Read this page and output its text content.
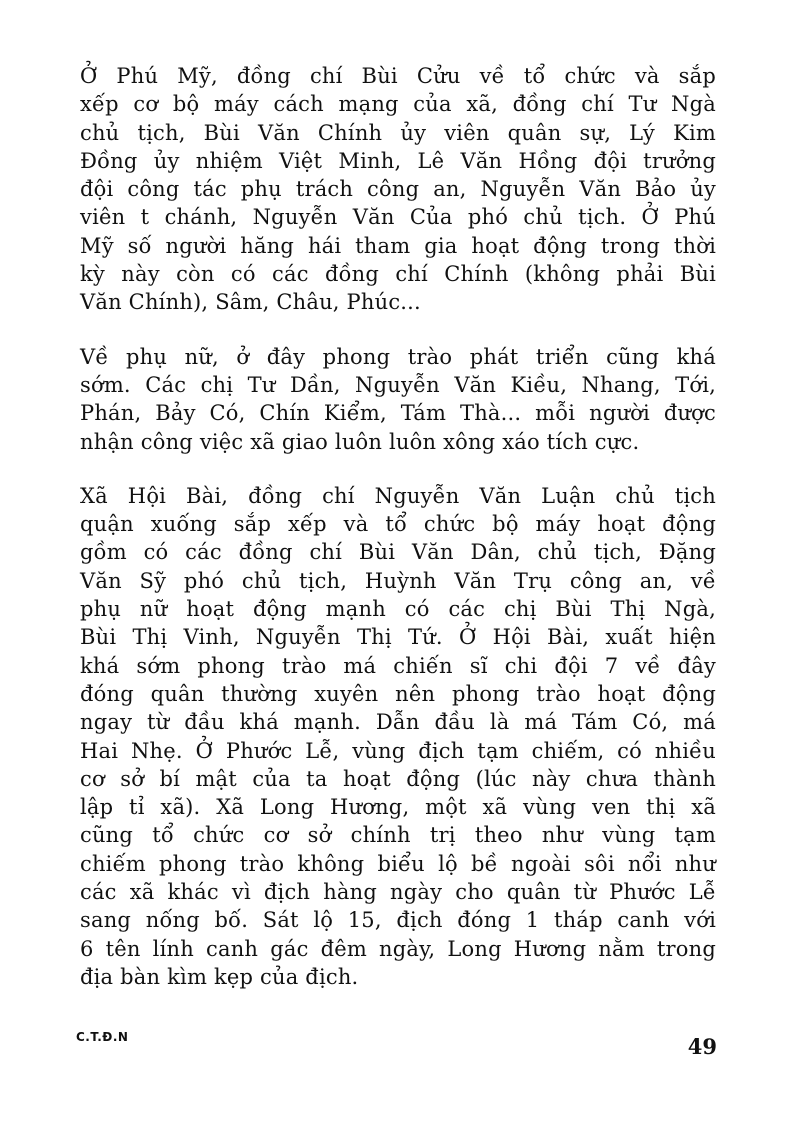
Ở Phú Mỹ, đồng chí Bùi Cửu về tổ chức và sắp
xếp cơ bộ máy cách mạng của xã, đồng chí Tư Ngà
chủ tịch, Bùi Văn Chính ủy viên quân sự, Lý Kim
Đồng ủy nhiệm Việt Minh, Lê Văn Hồng đội trưởng
đội công tác phụ trách công an, Nguyễn Văn Bảo ủy
viên t chánh, Nguyễn Văn Của phó chủ tịch. Ở Phú
Mỹ số người hăng hái tham gia hoạt động trong thời
kỳ này còn có các đồng chí Chính (không phải Bùi
Văn Chính), Sâm, Châu, Phúc...
Về phụ nữ, ở đây phong trào phát triển cũng khá
sớm. Các chị Tư Dần, Nguyễn Văn Kiều, Nhang, Tới,
Phán, Bảy Có, Chín Kiểm, Tám Thà... mỗi người được
nhận công việc xã giao luôn luôn xông xáo tích cực.
Xã Hội Bài, đồng chí Nguyễn Văn Luận chủ tịch
quận xuống sắp xếp và tổ chức bộ máy hoạt động
gồm có các đồng chí Bùi Văn Dân, chủ tịch, Đặng
Văn Sỹ phó chủ tịch, Huỳnh Văn Trụ công an, về
phụ nữ hoạt động mạnh có các chị Bùi Thị Ngà,
Bùi Thị Vinh, Nguyễn Thị Tứ. Ở Hội Bài, xuất hiện
khá sớm phong trào má chiến sĩ chi đội 7 về đây
đóng quân thường xuyên nên phong trào hoạt động
ngay từ đầu khá mạnh. Dẫn đầu là má Tám Có, má
Hai Nhẹ. Ở Phước Lễ, vùng địch tạm chiếm, có nhiều
cơ sở bí mật của ta hoạt động (lúc này chưa thành
lập tỉ xã). Xã Long Hương, một xã vùng ven thị xã
cũng tổ chức cơ sở chính trị theo như vùng tạm
chiếm phong trào không biểu lộ bề ngoài sôi nổi như
các xã khác vì địch hàng ngày cho quân từ Phước Lễ
sang nống bố. Sát lộ 15, địch đóng 1 tháp canh với
6 tên lính canh gác đêm ngày, Long Hương nằm trong
địa bàn kìm kẹp của địch.
C.T.Đ.N	49
